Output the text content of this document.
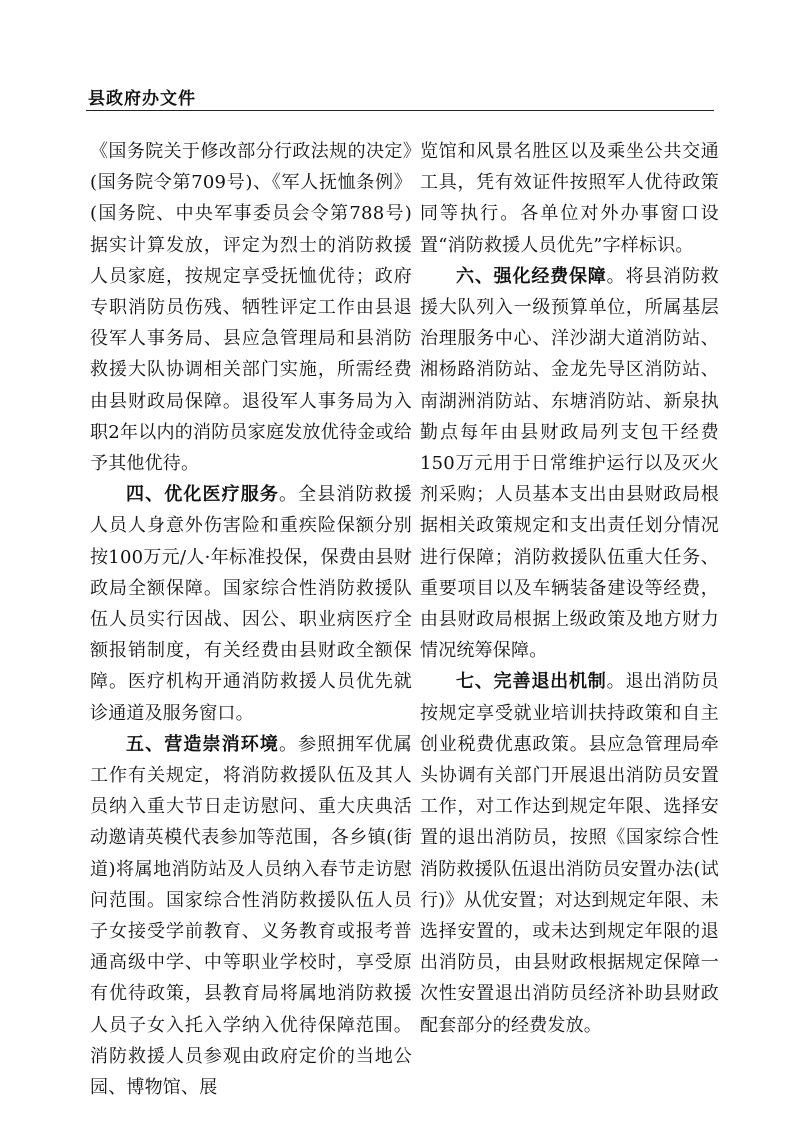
县政府办文件

《国务院关于修改部分行政法规的决定》(国务院令第709号)、《军人抚恤条例》(国务院、中央军事委员会令第788号)据实计算发放，评定为烈士的消防救援人员家庭，按规定享受抚恤优待；政府专职消防员伤残、牺牲评定工作由县退役军人事务局、县应急管理局和县消防救援大队协调相关部门实施，所需经费由县财政局保障。退役军人事务局为入职2年以内的消防员家庭发放优待金或给予其他优待。

四、优化医疗服务。全县消防救援人员人身意外伤害险和重疾险保额分别按100万元/人·年标准投保，保费由县财政局全额保障。国家综合性消防救援队伍人员实行因战、因公、职业病医疗全额报销制度，有关经费由县财政全额保障。医疗机构开通消防救援人员优先就诊通道及服务窗口。

五、营造崇消环境。参照拥军优属工作有关规定，将消防救援队伍及其人员纳入重大节日走访慰问、重大庆典活动邀请英模代表参加等范围，各乡镇(街道)将属地消防站及人员纳入春节走访慰问范围。国家综合性消防救援队伍人员子女接受学前教育、义务教育或报考普通高级中学、中等职业学校时，享受原有优待政策，县教育局将属地消防救援人员子女入托入学纳入优待保障范围。消防救援人员参观由政府定价的当地公园、博物馆、展

览馆和风景名胜区以及乘坐公共交通工具，凭有效证件按照军人优待政策同等执行。各单位对外办事窗口设置“消防救援人员优先”字样标识。

六、强化经费保障。将县消防救援大队列入一级预算单位，所属基层治理服务中心、洋沙湖大道消防站、湘杨路消防站、金龙先导区消防站、南湖洲消防站、东塘消防站、新泉执勤点每年由县财政局列支包干经费150万元用于日常维护运行以及灭火剂采购；人员基本支出由县财政局根据相关政策规定和支出责任划分情况进行保障；消防救援队伍重大任务、重要项目以及车辆装备建设等经费，由县财政局根据上级政策及地方财力情况统筹保障。

七、完善退出机制。退出消防员按规定享受就业培训扶持政策和自主创业税费优惠政策。县应急管理局牵头协调有关部门开展退出消防员安置工作，对工作达到规定年限、选择安置的退出消防员，按照《国家综合性消防救援队伍退出消防员安置办法(试行)》从优安置；对达到规定年限、未选择安置的，或未达到规定年限的退出消防员，由县财政根据规定保障一次性安置退出消防员经济补助县财政配套部分的经费发放。
